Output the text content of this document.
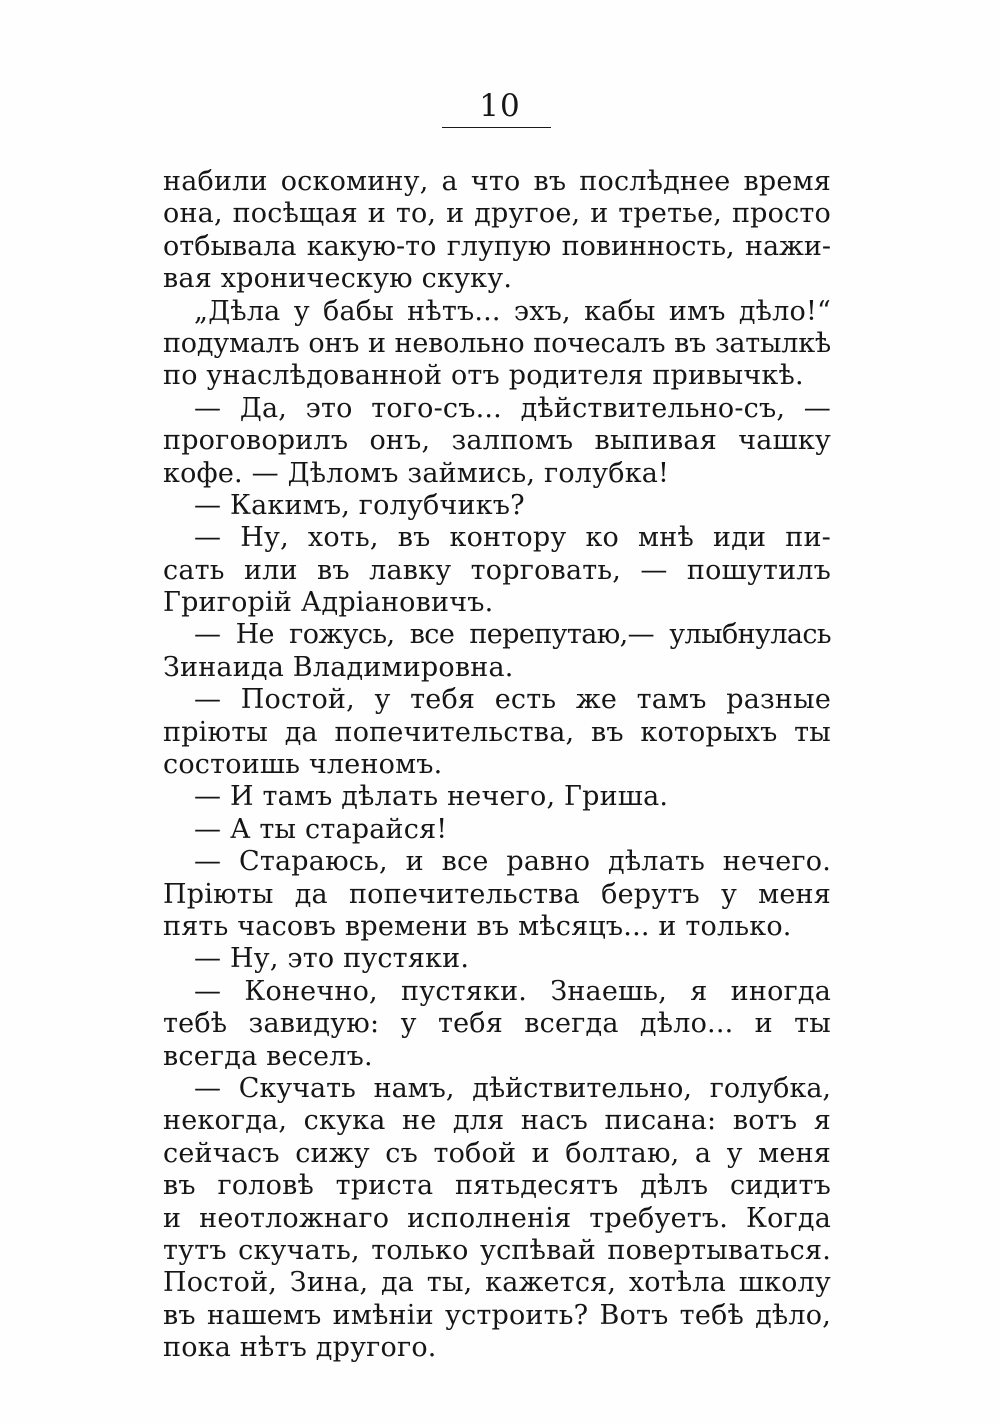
10
набили оскомину, а что въ послѣднее время
она, посѣщая и то, и другое, и третье, просто
отбывала какую-то глупую повинность, нажи-
вая хроническую скуку.
„Дѣла у бабы нѣтъ... эхъ, кабы имъ дѣло!“
подумалъ онъ и невольно почесалъ въ затылкѣ
по унаслѣдованной отъ родителя привычкѣ.
— Да, это того-съ... дѣйствительно-съ, —
проговорилъ онъ, залпомъ выпивая чашку
кофе. — Дѣломъ займись, голубка!
— Какимъ, голубчикъ?
— Ну, хоть, въ контору ко мнѣ иди пи-
сать или въ лавку торговать, — пошутилъ
Григорій Адріановичъ.
— Не гожусь, все перепутаю,— улыбнулась
Зинаида Владимировна.
— Постой, у тебя есть же тамъ разные
пріюты да попечительства, въ которыхъ ты
состоишь членомъ.
— И тамъ дѣлать нечего, Гриша.
— А ты старайся!
— Стараюсь, и все равно дѣлать нечего.
Пріюты да попечительства берутъ у меня
пять часовъ времени въ мѣсяцъ... и только.
— Ну, это пустяки.
— Конечно, пустяки. Знаешь, я иногда
тебѣ завидую: у тебя всегда дѣло... и ты
всегда веселъ.
— Скучать намъ, дѣйствительно, голубка,
некогда, скука не для насъ писана: вотъ я
сейчасъ сижу съ тобой и болтаю, а у меня
въ головѣ триста пятьдесятъ дѣлъ сидитъ
и неотложнаго исполненія требуетъ. Когда
тутъ скучать, только успѣвай повертываться.
Постой, Зина, да ты, кажется, хотѣла школу
въ нашемъ имѣніи устроить? Вотъ тебѣ дѣло,
пока нѣтъ другого.
